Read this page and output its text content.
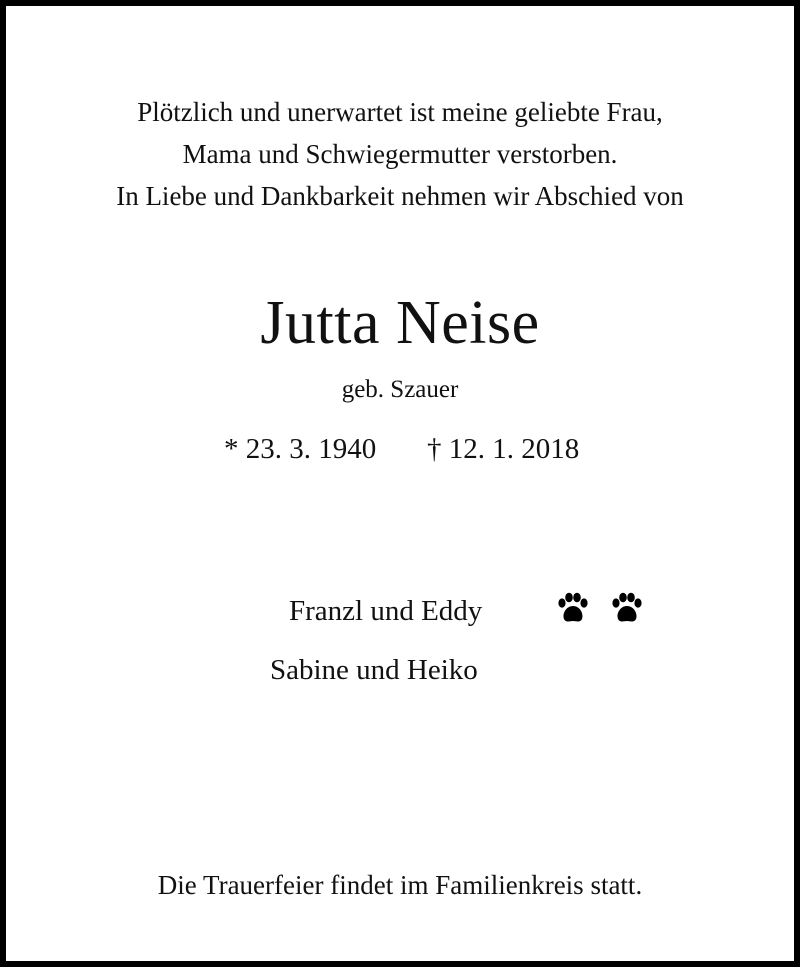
Plötzlich und unerwartet ist meine geliebte Frau,
Mama und Schwiegermutter verstorben.
In Liebe und Dankbarkeit nehmen wir Abschied von
Jutta Neise
geb. Szauer
* 23. 3. 1940 † 12. 1. 2018
Franzl und Eddy
Sabine und Heiko
Die Trauerfeier findet im Familienkreis statt.
